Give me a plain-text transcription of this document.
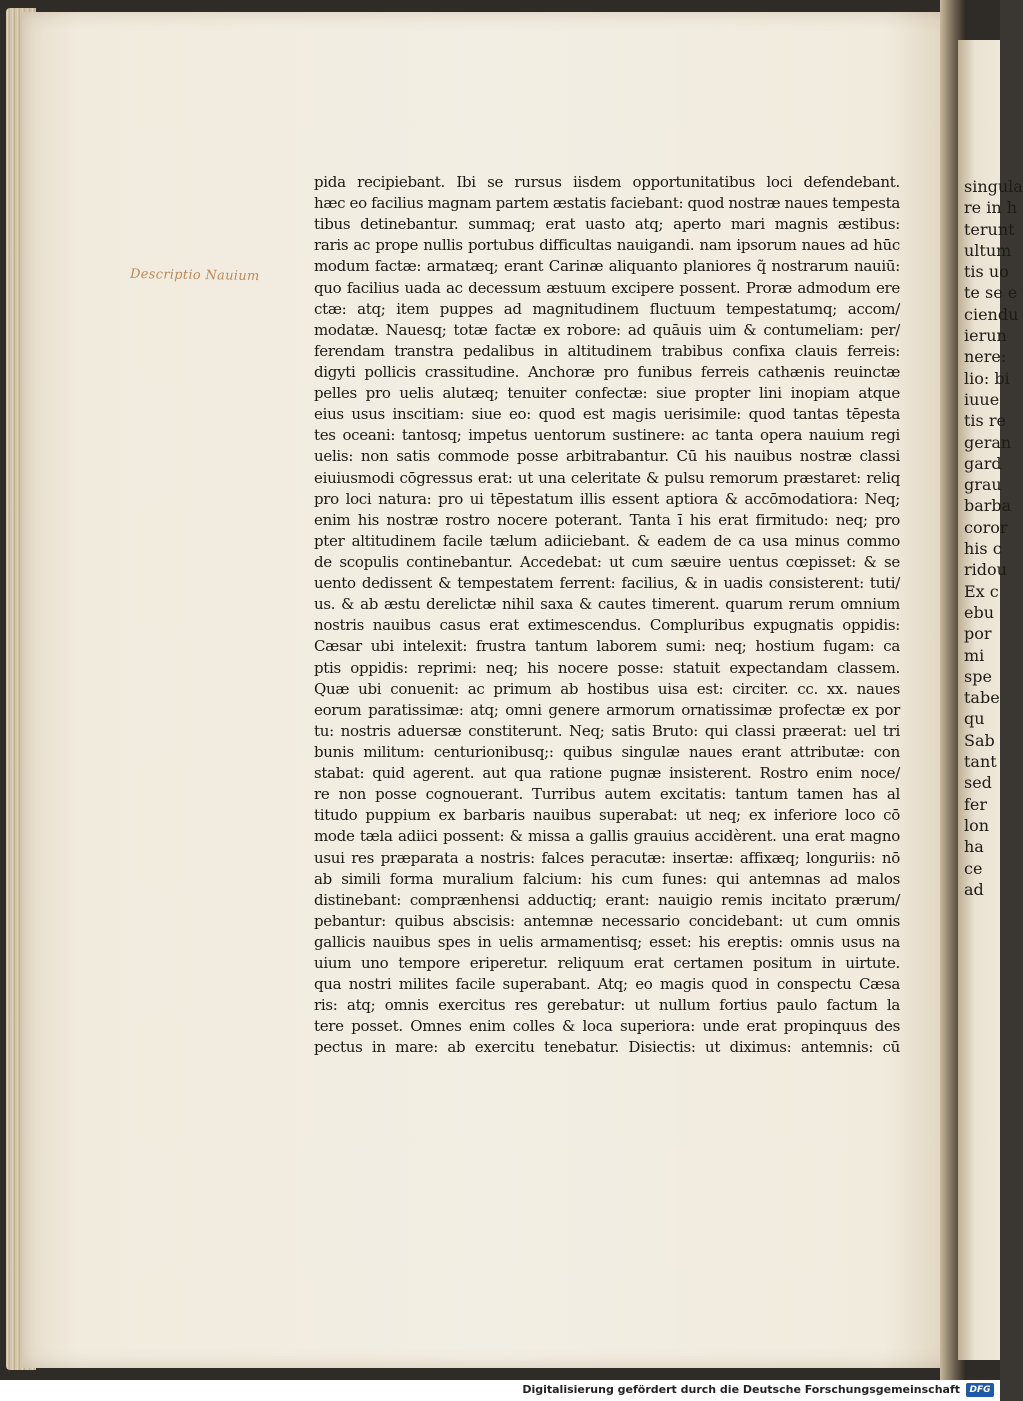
Descriptio Nauium
pida recipiebant. Ibi se rursus iisdem opportunitatibus loci defendebant.
hæc eo facilius magnam partem æstatis faciebant: quod nostræ naues tempesta
tibus detinebantur. summaq; erat uasto atq; aperto mari magnis æstibus:
raris ac prope nullis portubus difficultas nauigandi. nam ipsorum naues ad hūc
modum factæ: armatæq; erant Carinæ aliquanto planiores q̃ nostrarum nauiū:
quo facilius uada ac decessum æstuum excipere possent. Proræ admodum ere
ctæ: atq; item puppes ad magnitudinem fluctuum tempestatumq; accom/
modatæ. Nauesq; totæ factæ ex robore: ad quāuis uim & contumeliam: per/
ferendam transtra pedalibus in altitudinem trabibus confixa clauis ferreis:
digyti pollicis crassitudine. Anchoræ pro funibus ferreis cathænis reuinctæ
pelles pro uelis alutæq; tenuiter confectæ: siue propter lini inopiam atque
eius usus inscitiam: siue eo: quod est magis uerisimile: quod tantas tēpesta
tes oceani: tantosq; impetus uentorum sustinere: ac tanta opera nauium regi
uelis: non satis commode posse arbitrabantur. Cū his nauibus nostræ classi
eiuiusmodi cōgressus erat: ut una celeritate & pulsu remorum præstaret: reliq
pro loci natura: pro ui tēpestatum illis essent aptiora & accōmodatiora: Neq;
enim his nostræ rostro nocere poterant. Tanta ī his erat firmitudo: neq; pro
pter altitudinem facile tælum adiiciebant. & eadem de ca usa minus commo
de scopulis continebantur. Accedebat: ut cum sæuire uentus cœpisset: & se
uento dedissent & tempestatem ferrent: facilius, & in uadis consisterent: tuti/
us. & ab æstu derelictæ nihil saxa & cautes timerent. quarum rerum omnium
nostris nauibus casus erat extimescendus. Compluribus expugnatis oppidis:
Cæsar ubi intelexit: frustra tantum laborem sumi: neq; hostium fugam: ca
ptis oppidis: reprimi: neq; his nocere posse: statuit expectandam classem.
Quæ ubi conuenit: ac primum ab hostibus uisa est: circiter. cc. xx. naues
eorum paratissimæ: atq; omni genere armorum ornatissimæ profectæ ex por
tu: nostris aduersæ constiterunt. Neq; satis Bruto: qui classi præerat: uel tri
bunis militum: centurionibusq;: quibus singulæ naues erant attributæ: con
stabat: quid agerent. aut qua ratione pugnæ insisterent. Rostro enim noce/
re non posse cognouerant. Turribus autem excitatis: tantum tamen has al
titudo puppium ex barbaris nauibus superabat: ut neq; ex inferiore loco cō
mode tæla adiici possent: & missa a gallis grauius accidèrent. una erat magno
usui res præparata a nostris: falces peracutæ: insertæ: affixæq; longuriis: nō
ab simili forma muralium falcium: his cum funes: qui antemnas ad malos
distinebant: comprænhensi adductiq; erant: nauigio remis incitato prærum/
pebantur: quibus abscisis: antemnæ necessario concidebant: ut cum omnis
gallicis nauibus spes in uelis armamentisq; esset: his ereptis: omnis usus na
uium uno tempore eriperetur. reliquum erat certamen positum in uirtute.
qua nostri milites facile superabant. Atq; eo magis quod in conspectu Cæsa
ris: atq; omnis exercitus res gerebatur: ut nullum fortius paulo factum la
tere posset. Omnes enim colles & loca superiora: unde erat propinquus des
pectus in mare: ab exercitu tenebatur. Disiectis: ut diximus: antemnis: cū
singula
re in h
terunt
ultum
tis uo
te se e
ciendu
ierun
nere:
lio: bi
iuue
tis re
geran
gard
grau
barba
coror
his c
ridou
Ex c
ebu
por
mi
spe
tabe
qu
Sab
tant
sed
fer
lon
ha
ce
ad
Digitalisierung gefördert durch die Deutsche Forschungsgemeinschaft	DFG
